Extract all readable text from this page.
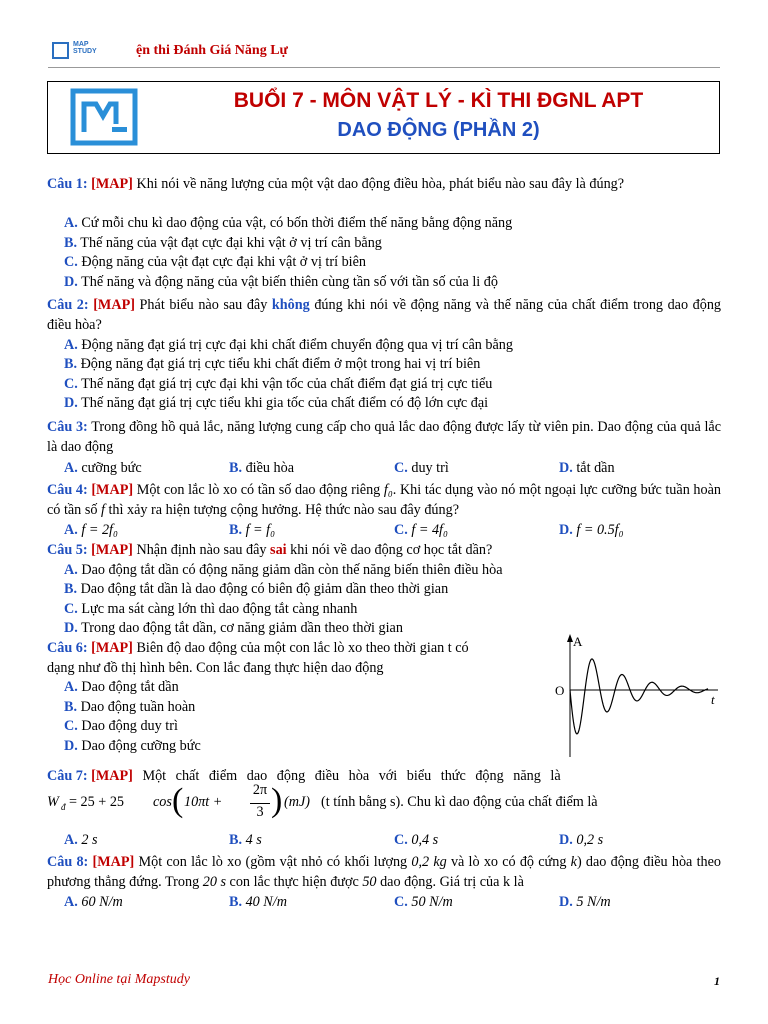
MAP
STUDY	ện thi Đánh Giá Năng Lự
BUỔI 7 - MÔN VẬT LÝ - KÌ THI ĐGNL APT
DAO ĐỘNG (PHẦN 2)
Câu 1: [MAP] Khi nói về năng lượng của một vật dao động điều hòa, phát biểu nào sau đây là đúng?
A. Cứ mỗi chu kì dao động của vật, có bốn thời điểm thế năng bằng động năng
B. Thế năng của vật đạt cực đại khi vật ở vị trí cân bằng
C. Động năng của vật đạt cực đại khi vật ở vị trí biên
D. Thế năng và động năng của vật biến thiên cùng tần số với tần số của li độ
Câu 2: [MAP] Phát biểu nào sau đây không đúng khi nói về động năng và thế năng của chất điểm trong dao động điều hòa?
A. Động năng đạt giá trị cực đại khi chất điểm chuyển động qua vị trí cân bằng
B. Động năng đạt giá trị cực tiểu khi chất điểm ở một trong hai vị trí biên
C. Thế năng đạt giá trị cực đại khi vận tốc của chất điểm đạt giá trị cực tiểu
D. Thế năng đạt giá trị cực tiểu khi gia tốc của chất điểm có độ lớn cực đại
Câu 3: Trong đồng hồ quả lắc, năng lượng cung cấp cho quả lắc dao động được lấy từ viên pin. Dao động của quả lắc là dao động
A. cưỡng bức	B. điều hòa	C. duy trì	D. tắt dần
Câu 4: [MAP] Một con lắc lò xo có tần số dao động riêng f₀. Khi tác dụng vào nó một ngoại lực cưỡng bức tuần hoàn có tần số f thì xảy ra hiện tượng cộng hưởng. Hệ thức nào sau đây đúng?
A. f = 2f₀	B. f = f₀	C. f = 4f₀	D. f = 0.5f₀
Câu 5: [MAP] Nhận định nào sau đây sai khi nói về dao động cơ học tắt dần?
A. Dao động tắt dần có động năng giảm dần còn thế năng biến thiên điều hòa
B. Dao động tắt dần là dao động có biên độ giảm dần theo thời gian
C. Lực ma sát càng lớn thì dao động tắt càng nhanh
D. Trong dao động tắt dần, cơ năng giảm dần theo thời gian
Câu 6: [MAP] Biên độ dao động của một con lắc lò xo theo thời gian t có
dạng như đồ thị hình bên. Con lắc đang thực hiện dao động
A. Dao động tắt dần
B. Dao động tuần hoàn
C. Dao động duy trì
D. Dao động cưỡng bức
A
O
t
Câu 7: [MAP] Một chất điểm dao động điều hòa với biểu thức động năng là
W đ = 25 + 25 cos ( 10πt +
2π
3 ) (mJ) (t tính bằng s). Chu kì dao động của chất điểm là
A. 2 s	B. 4 s	C. 0,4 s	D. 0,2 s
Câu 8: [MAP] Một con lắc lò xo (gồm vật nhỏ có khối lượng 0,2 kg và lò xo có độ cứng k) dao động điều hòa theo phương thẳng đứng. Trong 20 s con lắc thực hiện được 50 dao động. Giá trị của k là
A. 60 N/m	B. 40 N/m	C. 50 N/m	D. 5 N/m
Học Online tại Mapstudy	1
